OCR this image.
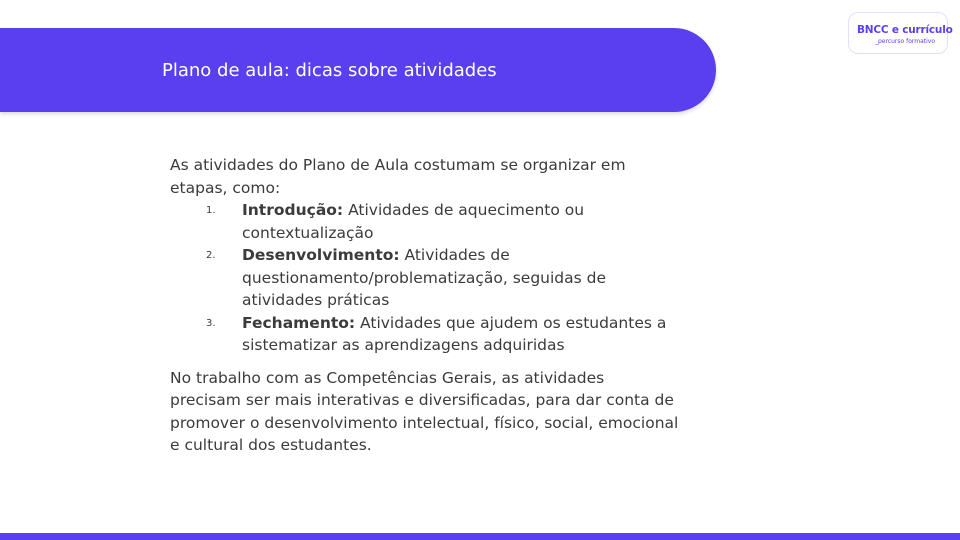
Plano de aula: dicas sobre atividades
BNCC e currículo
_percurso formativo

As atividades do Plano de Aula costumam se organizar em etapas, como:

1. Introdução: Atividades de aquecimento ou contextualização
2. Desenvolvimento: Atividades de questionamento/problematização, seguidas de atividades práticas
3. Fechamento: Atividades que ajudem os estudantes a sistematizar as aprendizagens adquiridas

No trabalho com as Competências Gerais, as atividades precisam ser mais interativas e diversificadas, para dar conta de promover o desenvolvimento intelectual, físico, social, emocional e cultural dos estudantes.
